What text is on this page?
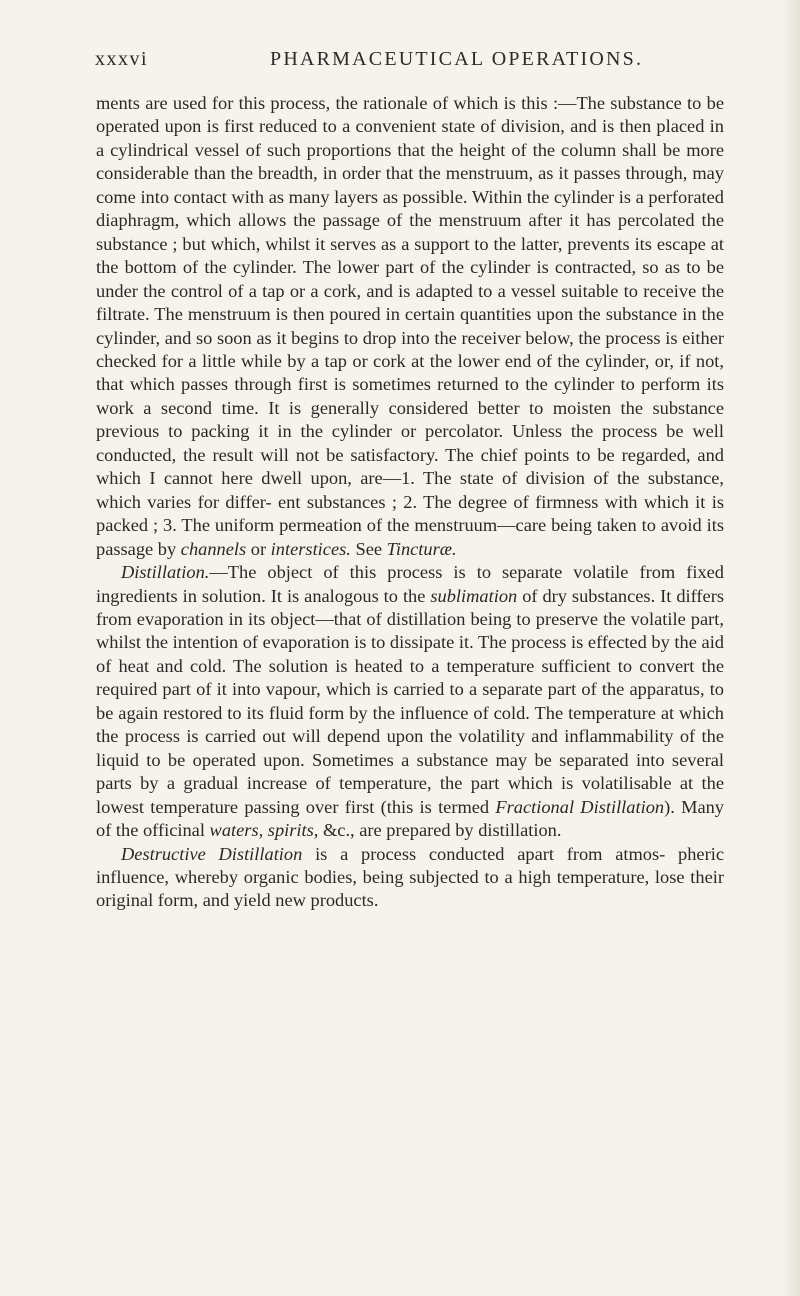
xxxvi	PHARMACEUTICAL OPERATIONS.

ments are used for this process, the rationale of which is this :—The substance to be operated upon is first reduced to a convenient state of division, and is then placed in a cylindrical vessel of such proportions that the height of the column shall be more considerable than the breadth, in order that the menstruum, as it passes through, may come into contact with as many layers as possible. Within the cylinder is a perforated diaphragm, which allows the passage of the menstruum after it has percolated the substance ; but which, whilst it serves as a support to the latter, prevents its escape at the bottom of the cylinder. The lower part of the cylinder is contracted, so as to be under the control of a tap or a cork, and is adapted to a vessel suitable to receive the filtrate. The menstruum is then poured in certain quantities upon the substance in the cylinder, and so soon as it begins to drop into the receiver below, the process is either checked for a little while by a tap or cork at the lower end of the cylinder, or, if not, that which passes through first is sometimes returned to the cylinder to perform its work a second time. It is generally considered better to moisten the substance previous to packing it in the cylinder or percolator. Unless the process be well conducted, the result will not be satisfactory. The chief points to be regarded, and which I cannot here dwell upon, are—1. The state of division of the substance, which varies for differ- ent substances ; 2. The degree of firmness with which it is packed ; 3. The uniform permeation of the menstruum—care being taken to avoid its passage by channels or interstices. See Tincturæ.

Distillation.—The object of this process is to separate volatile from fixed ingredients in solution. It is analogous to the sublimation of dry substances. It differs from evaporation in its object—that of distillation being to preserve the volatile part, whilst the intention of evaporation is to dissipate it. The process is effected by the aid of heat and cold. The solution is heated to a temperature sufficient to convert the required part of it into vapour, which is carried to a separate part of the apparatus, to be again restored to its fluid form by the influence of cold. The temperature at which the process is carried out will depend upon the volatility and inflammability of the liquid to be operated upon. Sometimes a substance may be separated into several parts by a gradual increase of temperature, the part which is volatilisable at the lowest temperature passing over first (this is termed Fractional Distillation). Many of the officinal waters, spirits, &c., are prepared by distillation.

Destructive Distillation is a process conducted apart from atmos- pheric influence, whereby organic bodies, being subjected to a high temperature, lose their original form, and yield new products.
